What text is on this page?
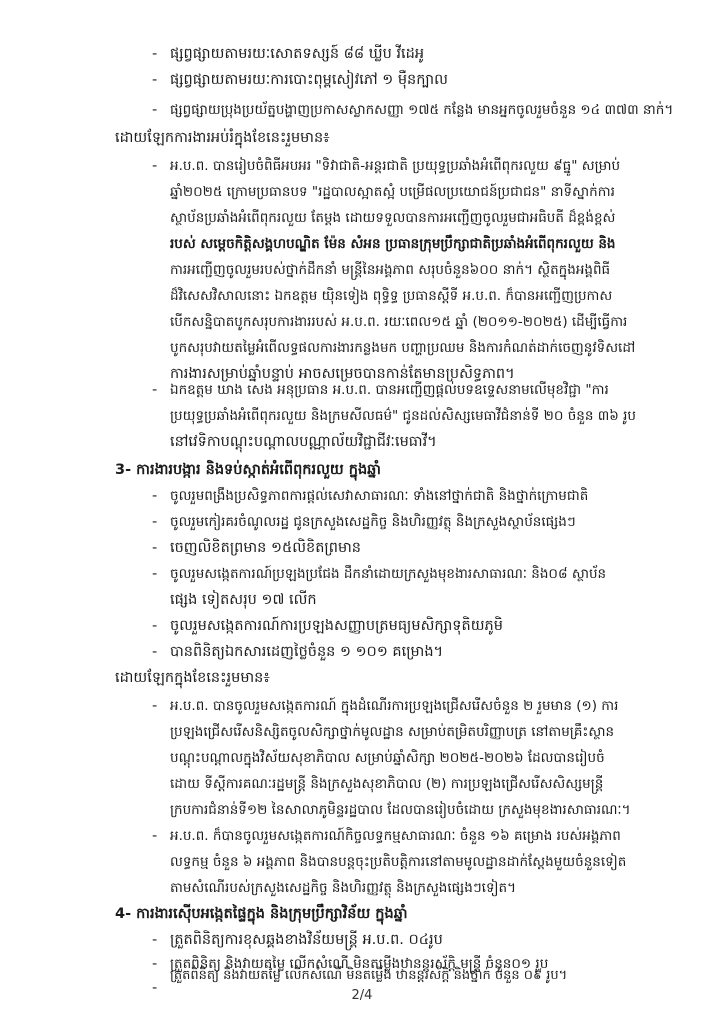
- ផ្សព្វផ្សាយតាមរយៈសោតទស្សន៍ ៨៨ ឃ្លីប វីដេអូ
- ផ្សព្វផ្សាយតាមរយៈការបោះពុម្ពសៀវភៅ ១ ម៉ឺនក្បាល
- ផ្សព្វផ្សាយប្រុងប្រយ័ត្នបង្ហាញប្រកាសស្លាកសញ្ញា ១៧៥ កន្លែង មានអ្នកចូលរួមចំនួន ១៤ ៣៧៣ នាក់។
ដោយឡែកការងារអប់រំក្នុងខែនេះរួមមាន៖
- អ.ប.ព. បានរៀបចំពិធីអបអរ "ទិវាជាតិ-អន្តរជាតិ ប្រយុទ្ធប្រឆាំងអំពើពុករលួយ ៩ធ្នូ" សម្រាប់
ឆ្នាំ២០២៥ ក្រោមប្រធានបទ "រដ្ឋបាលស្អាតស្អំ បម្រើផលប្រយោជន៍ប្រជាជន" នាទីស្នាក់ការ
ស្ថាប័នប្រឆាំងអំពើពុករលួយ តែម្តង ដោយទទួលបានការអញ្ជើញចូលរួមជាអធិបតី ដ៏ខ្ពង់ខ្ពស់
របស់ សម្តេចកិត្តិសង្គហបណ្ឌិត ម៉ែន សំអន ប្រធានក្រុមប្រឹក្សាជាតិប្រឆាំងអំពើពុករលួយ និង
ការអញ្ជើញចូលរួមរបស់ថ្នាក់ដឹកនាំ មន្ត្រីនៃអង្គភាព សរុបចំនួន៦០០ នាក់។ ស្ថិតក្នុងអង្គពិធី
ដ៏វិសេសវិសាលនោះ ឯកឧត្តម យុិនទៀង ពុទ្ធិទ្ធ ប្រធានស្តីទី អ.ប.ព. ក៏បានអញ្ជើញប្រកាស
បើកសន្និបាតបូកសរុបការងាររបស់ អ.ប.ព. រយៈពេល១៥ ឆ្នាំ (២០១១-២០២៥) ដើម្បីធ្វើការ
បូកសរុបវាយតម្លៃអំពើលទ្ធផលការងារកន្លងមក បញ្ហាប្រឈម និងការកំណត់ដាក់ចេញនូវទិសដៅ
ការងារសម្រាប់ឆ្នាំបន្ទាប់ អាចសម្រេចបានកាន់តែមានប្រសិទ្ធភាព។
- ឯកឧត្តម ឃាង សេង អនុប្រធាន អ.ប.ព. បានអញ្ជើញផ្តល់បទឧទ្ទេសនាមលើមុខវិជ្ជា "ការ
ប្រយុទ្ធប្រឆាំងអំពើពុករលួយ និងក្រមសីលធម៌" ជូនដល់សិស្សមេធាវីជំនាន់ទី ២០ ចំនួន ៣៦ រូប
នៅវេទិកាបណ្តុះបណ្តាលបណ្ណាល័យវិជ្ជាជីវៈមេធាវី។
3- ការងារបង្ការ និងទប់ស្កាត់អំពើពុករលួយ ក្នុងឆ្នាំ
- ចូលរួមពង្រឹងប្រសិទ្ធភាពការផ្តល់សេវាសាធារណៈ ទាំងនៅថ្នាក់ជាតិ និងថ្នាក់ក្រោមជាតិ
- ចូលរួមកៀរគរចំណូលរដ្ឋ ជូនក្រសួងសេដ្ឋកិច្ច និងហិរញ្ញវត្ថុ និងក្រសួងស្ថាប័នផ្សេងៗ
- ចេញលិខិតព្រមាន ១៥លិខិតព្រមាន
- ចូលរួមសង្កេតការណ៍ប្រឡងប្រជែង ដឹកនាំដោយក្រសួងមុខងារសាធារណៈ និង០៨ ស្ថាប័ន
ផ្សេង ទៀតសរុប ១៧ លើក
- ចូលរួមសង្កេតការណ៍ការប្រឡងសញ្ញាបត្រមធ្យមសិក្សាទុតិយភូមិ
- បានពិនិត្យឯកសារដេញថ្លៃចំនួន ១ ១០១ គម្រោង។
ដោយឡែកក្នុងខែនេះរួមមាន៖
- អ.ប.ព. បានចូលរួមសង្កេតការណ៍ ក្នុងដំណើរការប្រឡងជ្រើសរើសចំនួន ២ រួមមាន (១) ការ
ប្រឡងជ្រើសរើសនិស្សិតចូលសិក្សាថ្នាក់មូលដ្ឋាន សម្រាប់តម្រិតបរិញ្ញាបត្រ នៅតាមគ្រឹះស្ថាន
បណ្តុះបណ្តាលក្នុងវិស័យសុខាភិបាល សម្រាប់ឆ្នាំសិក្សា ២០២៥-២០២៦ ដែលបានរៀបចំ
ដោយ ទីស្តីការគណៈរដ្ឋមន្ត្រី និងក្រសួងសុខាភិបាល (២) ការប្រឡងជ្រើសរើសសិស្សមន្ត្រី
ក្របការជំនាន់ទី១២ នៃសាលាភូមិន្ទរដ្ឋបាល ដែលបានរៀបចំដោយ ក្រសួងមុខងារសាធារណៈ។
- អ.ប.ព. ក៏បានចូលរួមសង្កេតការណ៍កិច្ចលទ្ធកម្មសាធារណៈ ចំនួន ១៦ គម្រោង របស់អង្គភាព
លទ្ធកម្ម ចំនួន ៦ អង្គភាព និងបានបន្តចុះប្រតិបត្តិការនៅតាមមូលដ្ឋានដាក់ស្តែងមួយចំនួនទៀត
តាមសំណើរបស់ក្រសួងសេដ្ឋកិច្ច និងហិរញ្ញវត្ថុ និងក្រសួងផ្សេងៗទៀត។
4- ការងារស៊ើបអង្កេតផ្ទៃក្នុង និងក្រុមប្រឹក្សាវិន័យ ក្នុងឆ្នាំ
- ត្រួតពិនិត្យការខុសឆ្គងខាងវិន័យមន្ត្រី អ.ប.ព. ០៤រូប
- ត្រួតពិនិត្យ និងវាយតម្លៃ លើកសំណើ មិនតម្លើងឋានន្តរស័ក្តិ មន្ត្រី ចំនួន០១ រូប
-
ត្រួតពិនិត្យ និងវាយតម្លៃ លើកសំណើ មិនតម្លើង ឋានន្តរស័ក្តិ និងថ្នាក់ ចំនួន ០៩ រូប។
2/4
